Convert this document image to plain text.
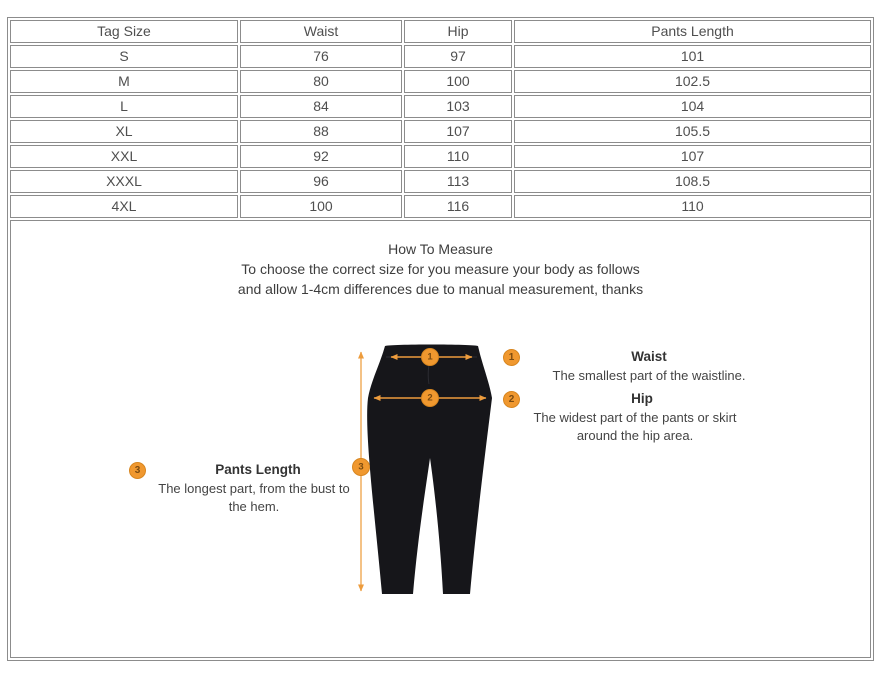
Tag Size	Waist	Hip	Pants Length
S	76	97	101
M	80	100	102.5
L	84	103	104
XL	88	107	105.5
XXL	92	110	107
XXXL	96	113	108.5
4XL	100	116	110

How To Measure
To choose the correct size for you measure your body as follows
and allow 1-4cm differences due to manual measurement, thanks
3
1
2
1	Waist
The smallest part of the waistline.
2	Hip
The widest part of the pants or skirt around the hip area.
3	Pants Length
The longest part, from the bust to the hem.
